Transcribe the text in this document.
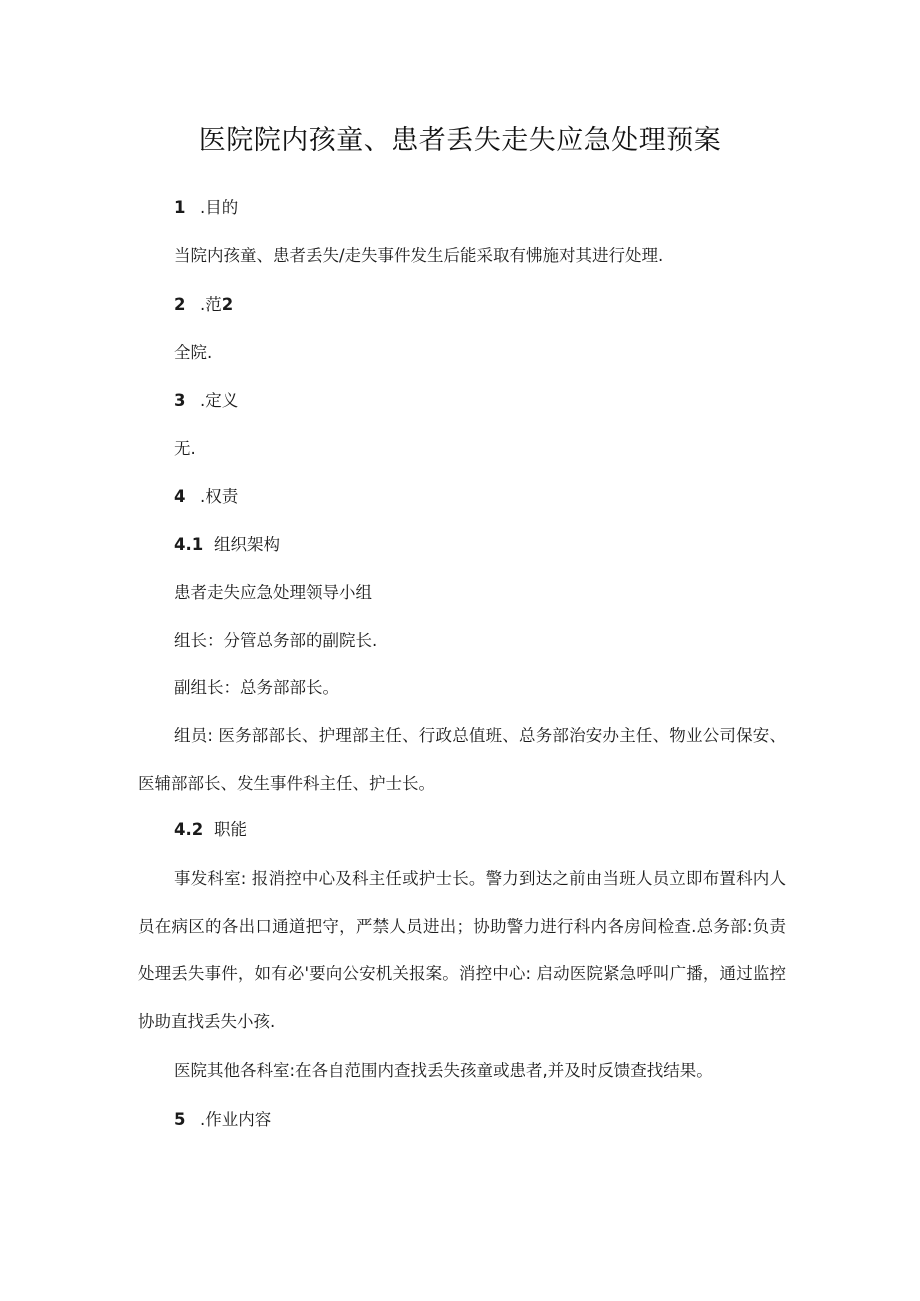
医院院内孩童、患者丢失走失应急处理预案
1 .目的
当院内孩童、患者丢失/走失事件发生后能采取有怫施对其进行处理.
2 .范2
全院.
3 .定义
无.
4 .权责
4.1 组织架构
患者走失应急处理领导小组
组长：分管总务部的副院长.
副组长：总务部部长。
组员: 医务部部长、护理部主任、行政总值班、总务部治安办主任、物业公司保安、医辅部部长、发生事件科主任、护士长。
4.2 职能
事发科室: 报消控中心及科主任或护士长。警力到达之前由当班人员立即布置科内人员在病区的各出口通道把守，严禁人员进出；协助警力进行科内各房间检查.总务部:负责处理丢失事件，如有必'要向公安机关报案。消控中心: 启动医院紧急呼叫广播，通过监控协助直找丢失小孩.
医院其他各科室:在各自范围内查找丢失孩童或患者,并及时反馈查找结果。
5 .作业内容
